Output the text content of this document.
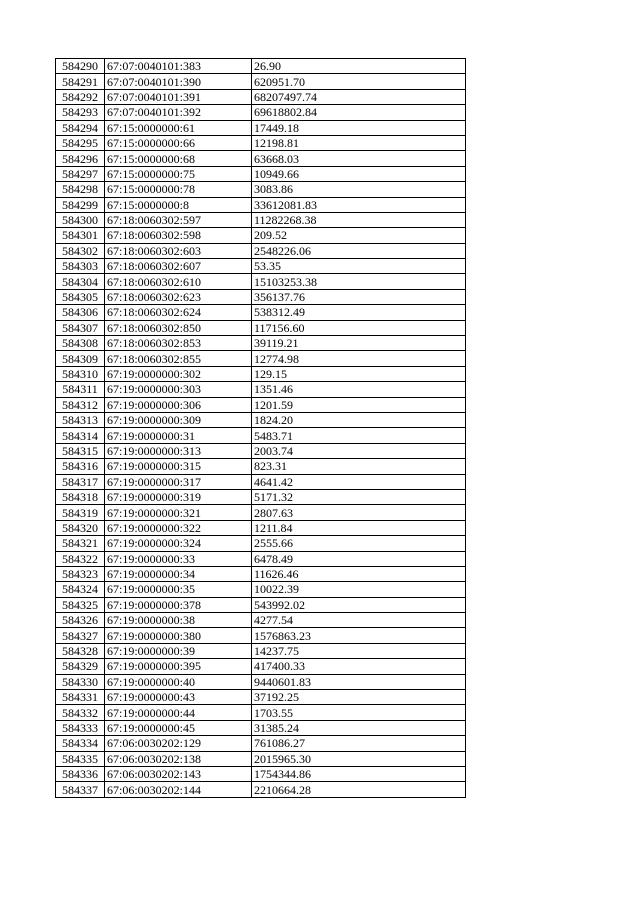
584290	67:07:0040101:383	26.90
584291	67:07:0040101:390	620951.70
584292	67:07:0040101:391	68207497.74
584293	67:07:0040101:392	69618802.84
584294	67:15:0000000:61	17449.18
584295	67:15:0000000:66	12198.81
584296	67:15:0000000:68	63668.03
584297	67:15:0000000:75	10949.66
584298	67:15:0000000:78	3083.86
584299	67:15:0000000:8	33612081.83
584300	67:18:0060302:597	11282268.38
584301	67:18:0060302:598	209.52
584302	67:18:0060302:603	2548226.06
584303	67:18:0060302:607	53.35
584304	67:18:0060302:610	15103253.38
584305	67:18:0060302:623	356137.76
584306	67:18:0060302:624	538312.49
584307	67:18:0060302:850	117156.60
584308	67:18:0060302:853	39119.21
584309	67:18:0060302:855	12774.98
584310	67:19:0000000:302	129.15
584311	67:19:0000000:303	1351.46
584312	67:19:0000000:306	1201.59
584313	67:19:0000000:309	1824.20
584314	67:19:0000000:31	5483.71
584315	67:19:0000000:313	2003.74
584316	67:19:0000000:315	823.31
584317	67:19:0000000:317	4641.42
584318	67:19:0000000:319	5171.32
584319	67:19:0000000:321	2807.63
584320	67:19:0000000:322	1211.84
584321	67:19:0000000:324	2555.66
584322	67:19:0000000:33	6478.49
584323	67:19:0000000:34	11626.46
584324	67:19:0000000:35	10022.39
584325	67:19:0000000:378	543992.02
584326	67:19:0000000:38	4277.54
584327	67:19:0000000:380	1576863.23
584328	67:19:0000000:39	14237.75
584329	67:19:0000000:395	417400.33
584330	67:19:0000000:40	9440601.83
584331	67:19:0000000:43	37192.25
584332	67:19:0000000:44	1703.55
584333	67:19:0000000:45	31385.24
584334	67:06:0030202:129	761086.27
584335	67:06:0030202:138	2015965.30
584336	67:06:0030202:143	1754344.86
584337	67:06:0030202:144	2210664.28
